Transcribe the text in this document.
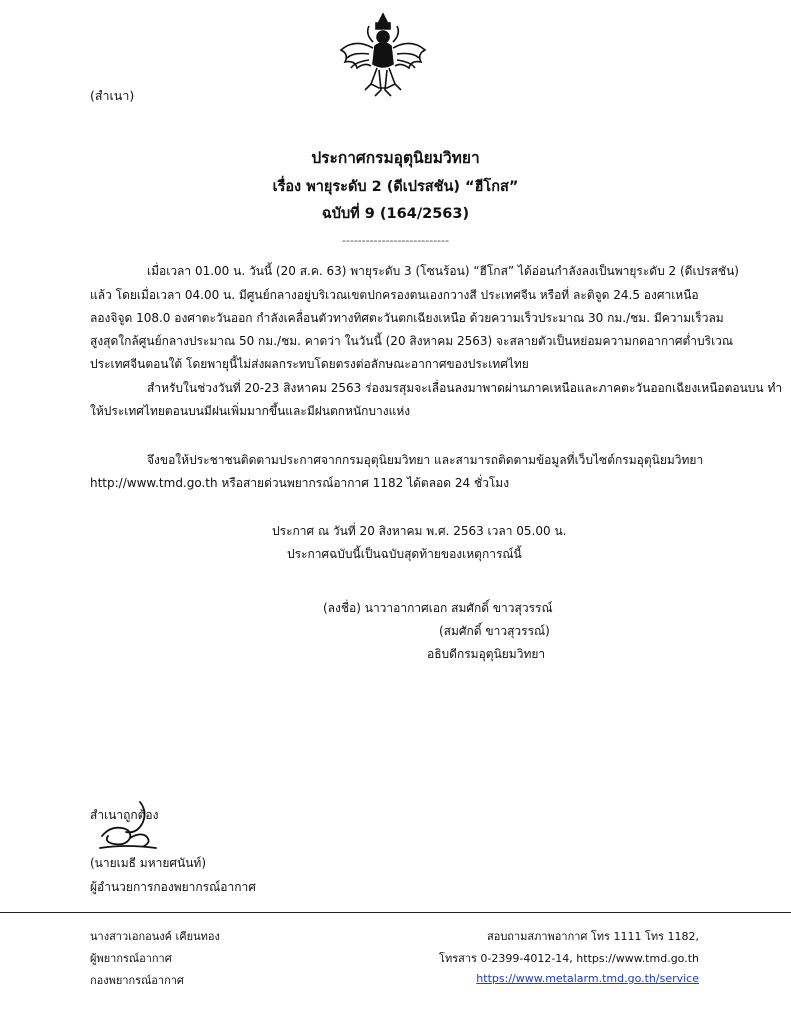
(สำเนา)
ประกาศกรมอุตุนิยมวิทยา
เรื่อง พายุระดับ 2 (ดีเปรสชัน) “ฮีโกส”
ฉบับที่ 9 (164/2563)
---------------------------
เมื่อเวลา 01.00 น. วันนี้ (20 ส.ค. 63) พายุระดับ 3 (โซนร้อน) “ฮีโกส” ได้อ่อนกำลังลงเป็นพายุระดับ 2 (ดีเปรสชัน)
แล้ว โดยเมื่อเวลา 04.00 น. มีศูนย์กลางอยู่บริเวณเขตปกครองตนเองกวางสี ประเทศจีน หรือที่ ละติจูด 24.5 องศาเหนือ
ลองจิจูด 108.0 องศาตะวันออก กำลังเคลื่อนตัวทางทิศตะวันตกเฉียงเหนือ ด้วยความเร็วประมาณ 30 กม./ชม. มีความเร็วลม
สูงสุดใกล้ศูนย์กลางประมาณ 50 กม./ชม. คาดว่า ในวันนี้ (20 สิงหาคม 2563) จะสลายตัวเป็นหย่อมความกดอากาศต่ำบริเวณ
ประเทศจีนตอนใต้ โดยพายุนี้ไม่ส่งผลกระทบโดยตรงต่อลักษณะอากาศของประเทศไทย
สำหรับในช่วงวันที่ 20-23 สิงหาคม 2563 ร่องมรสุมจะเลื่อนลงมาพาดผ่านภาคเหนือและภาคตะวันออกเฉียงเหนือตอนบน ทำ
ให้ประเทศไทยตอนบนมีฝนเพิ่มมากขึ้นและมีฝนตกหนักบางแห่ง
จึงขอให้ประชาชนติดตามประกาศจากกรมอุตุนิยมวิทยา และสามารถติดตามข้อมูลที่เว็บไซต์กรมอุตุนิยมวิทยา
http://www.tmd.go.th หรือสายด่วนพยากรณ์อากาศ 1182 ได้ตลอด 24 ชั่วโมง
ประกาศ ณ วันที่ 20 สิงหาคม พ.ศ. 2563 เวลา 05.00 น.
ประกาศฉบับนี้เป็นฉบับสุดท้ายของเหตุการณ์นี้
(ลงชื่อ) นาวาอากาศเอก สมศักดิ์ ขาวสุวรรณ์
(สมศักดิ์ ขาวสุวรรณ์)
อธิบดีกรมอุตุนิยมวิทยา
สำเนาถูกต้อง
(นายเมธี มหายศนันท์)
ผู้อำนวยการกองพยากรณ์อากาศ
นางสาวเอกอนงค์ เคียนทอง
ผู้พยากรณ์อากาศ
กองพยากรณ์อากาศ
สอบถามสภาพอากาศ โทร 1111 โทร 1182,
โทรสาร 0-2399-4012-14, https://www.tmd.go.th
https://www.metalarm.tmd.go.th/service
